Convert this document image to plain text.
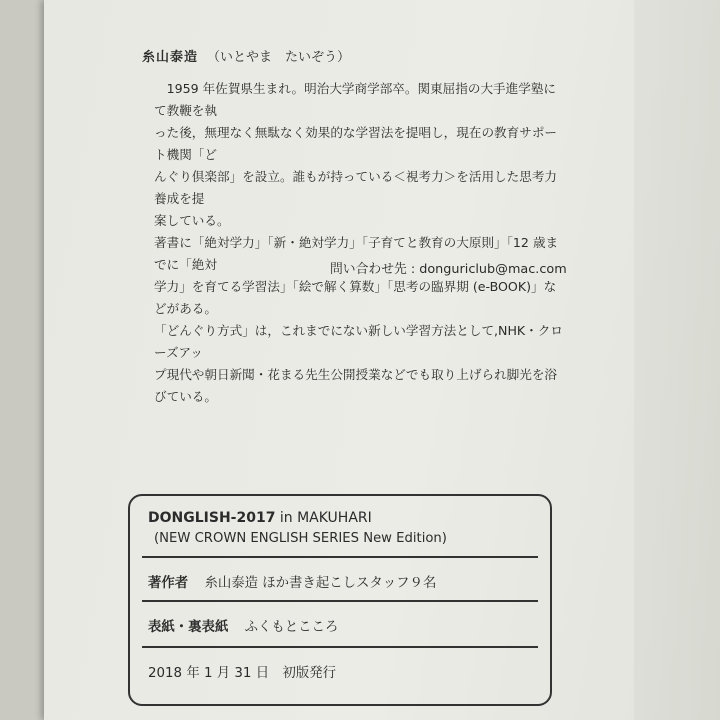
糸山泰造 （いとやま　たいぞう）

1959 年佐賀県生まれ。明治大学商学部卒。関東屈指の大手進学塾にて教鞭を執

った後，無理なく無駄なく効果的な学習法を提唱し，現在の教育サポート機関「ど

んぐり倶楽部」を設立。誰もが持っている＜視考力＞を活用した思考力養成を提

案している。

著書に「絶対学力」「新・絶対学力」「子育てと教育の大原則」「12 歳までに「絶対

学力」を育てる学習法」「絵で解く算数」「思考の臨界期 (e-BOOK)」などがある。

「どんぐり方式」は，これまでにない新しい学習方法として,NHK・クローズアッ

プ現代や朝日新聞・花まる先生公開授業などでも取り上げられ脚光を浴びている。

問い合わせ先 : donguriclub@mac.com
DONGLISH-2017 in MAKUHARI
(NEW CROWN ENGLISH SERIES New Edition)
著作者 糸山泰造 ほか書き起こしスタッフ９名
表紙・裏表紙 ふくもとこころ
2018 年 1 月 31 日　初版発行
